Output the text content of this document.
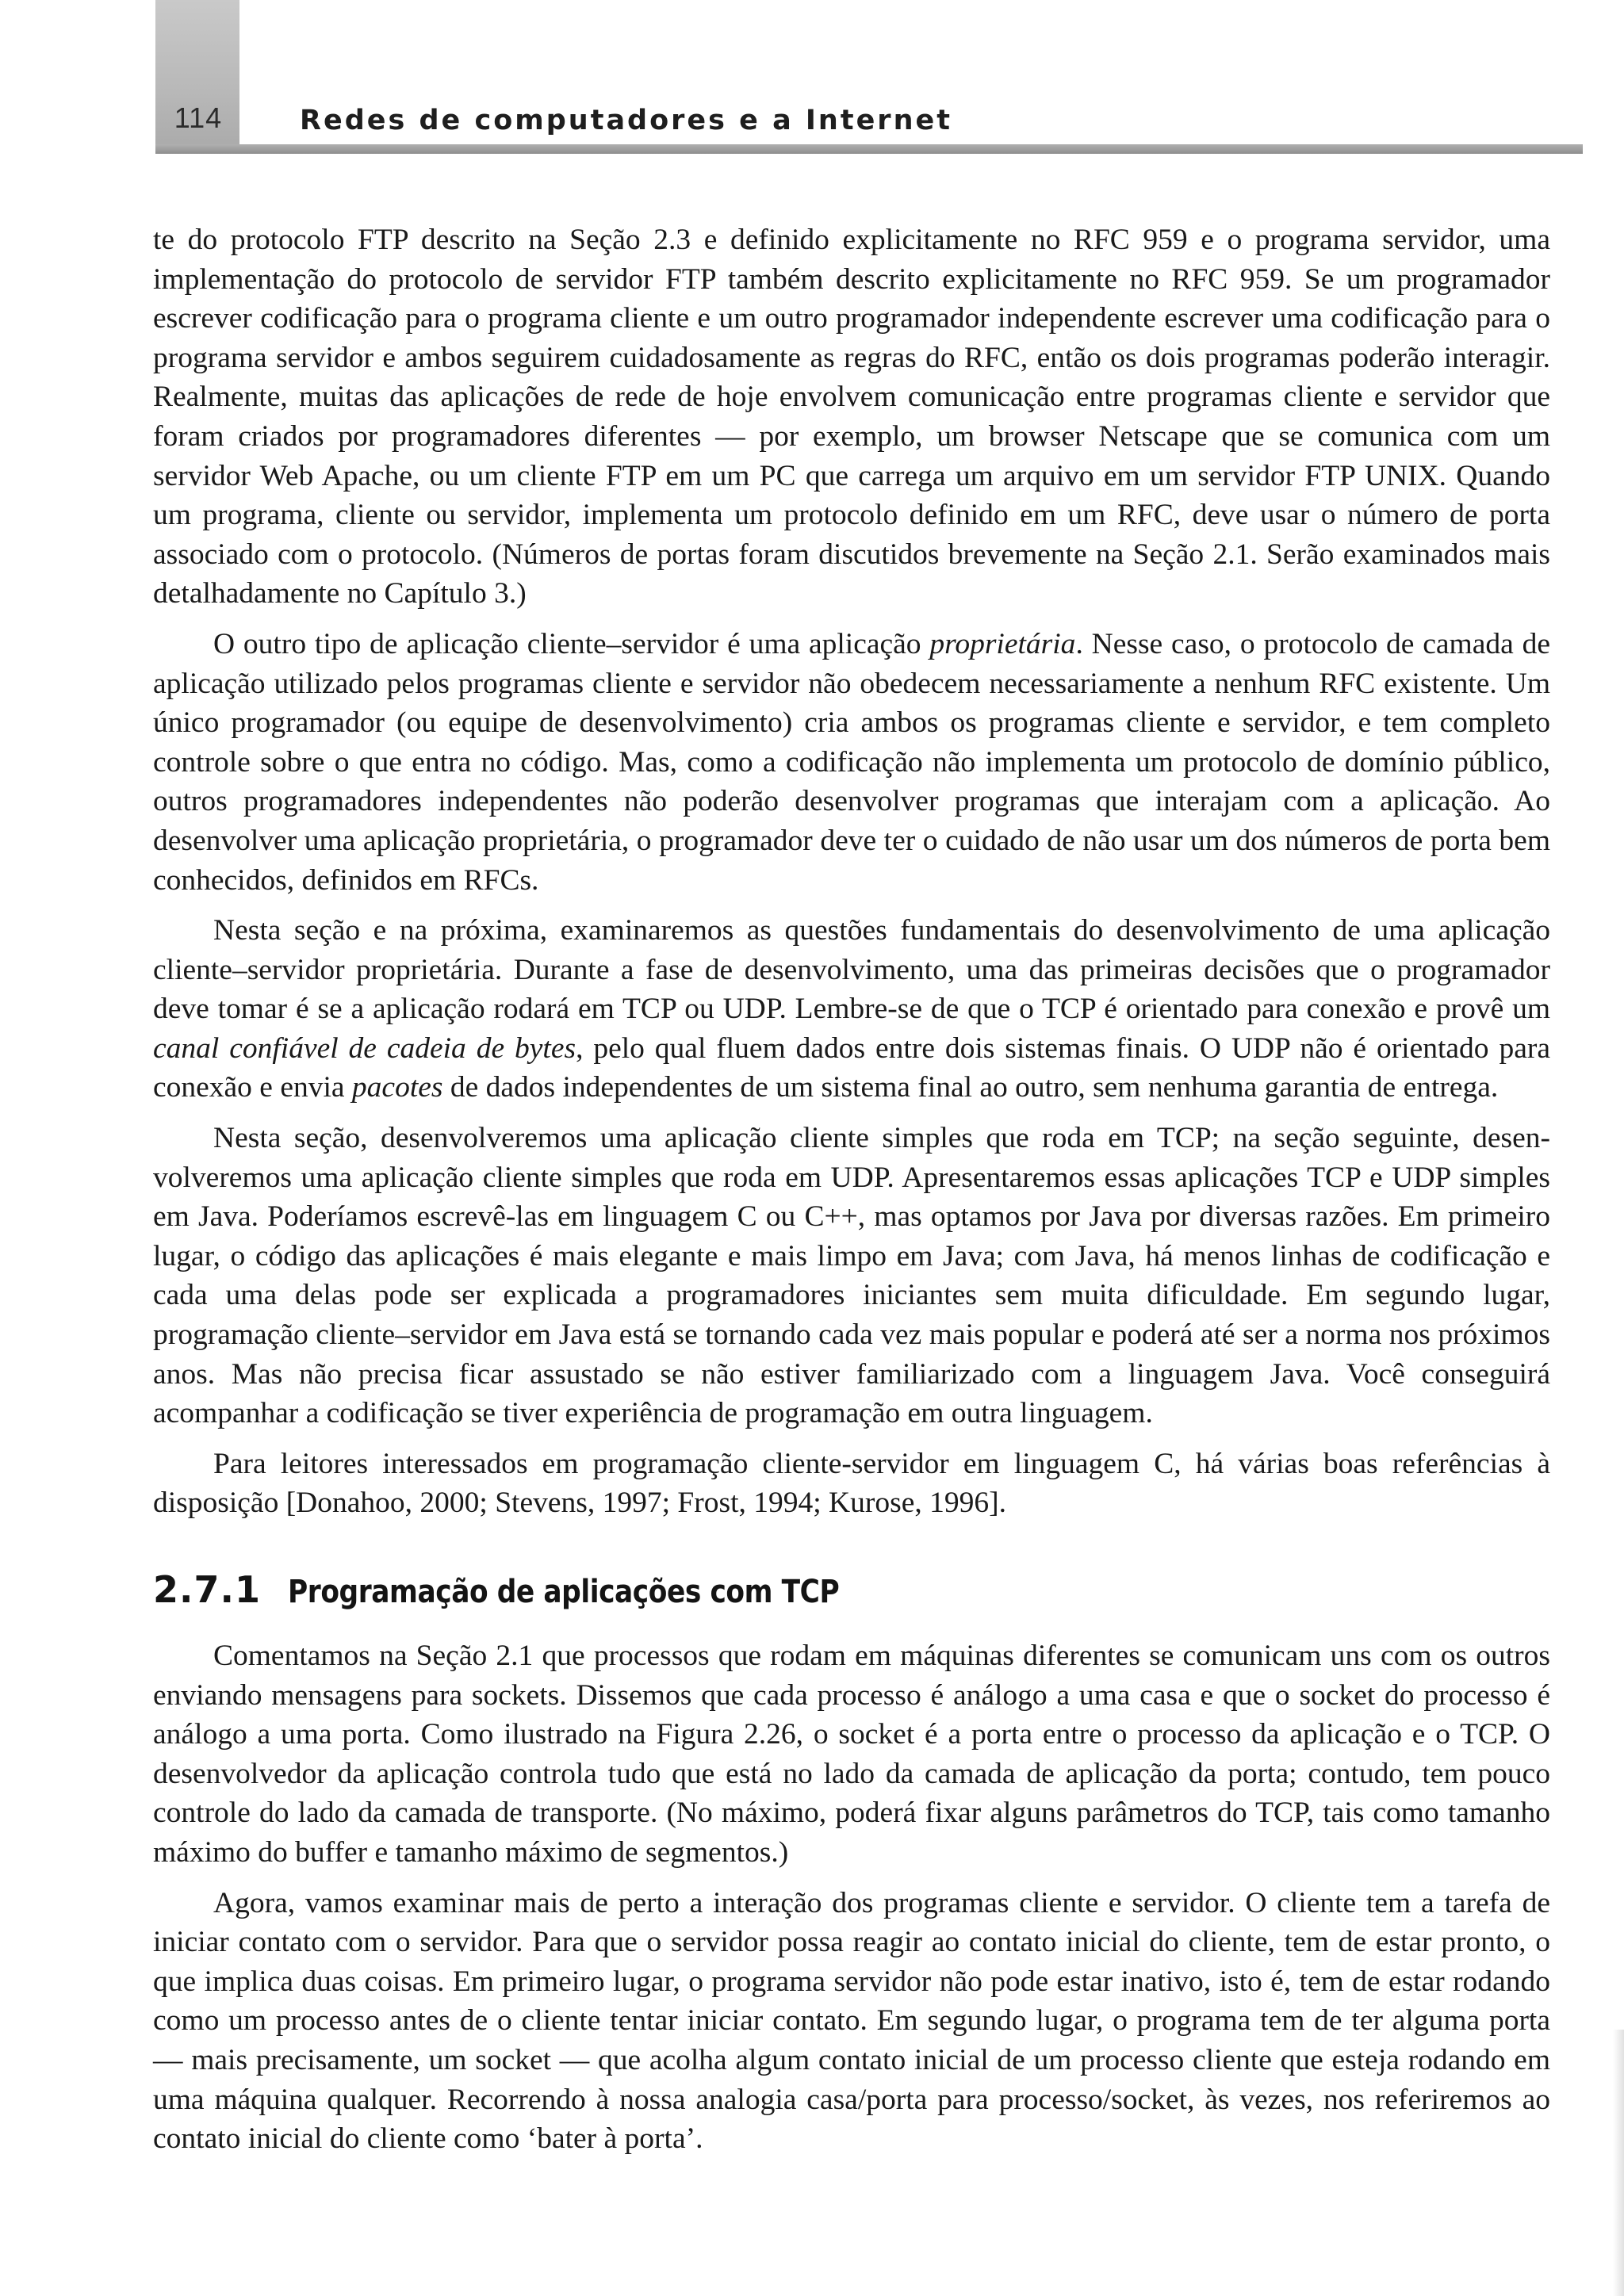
114	Redes de computadores e a Internet

te do protocolo FTP descrito na Seção 2.3 e definido explicitamente no RFC 959 e o programa servidor, uma implementação do protocolo de servidor FTP também descrito explicitamente no RFC 959. Se um programador escrever codificação para o programa cliente e um outro programador independente escrever uma codificação para o programa servidor e ambos seguirem cuidadosamente as regras do RFC, então os dois programas poderão interagir. Realmente, muitas das aplicações de rede de hoje envolvem comunicação entre programas cliente e servidor que foram criados por programadores diferentes — por exemplo, um browser Netscape que se comunica com um servidor Web Apache, ou um cliente FTP em um PC que carrega um arquivo em um servidor FTP UNIX. Quando um programa, cliente ou servidor, implementa um protocolo definido em um RFC, deve usar o número de porta associado com o protocolo. (Números de portas foram discutidos brevemente na Seção 2.1. Serão examinados mais detalhadamente no Capítulo 3.)

O outro tipo de aplicação cliente–servidor é uma aplicação proprietária. Nesse caso, o protocolo de camada de aplicação utilizado pelos programas cliente e servidor não obedecem necessariamente a nenhum RFC existente. Um único programador (ou equipe de desenvolvimento) cria ambos os programas cliente e servidor, e tem completo controle sobre o que entra no código. Mas, como a codificação não implementa um protocolo de domínio público, outros programadores independentes não poderão desenvolver programas que interajam com a aplicação. Ao desenvolver uma aplicação proprietária, o programador deve ter o cuidado de não usar um dos números de porta bem conhecidos, definidos em RFCs.

Nesta seção e na próxima, examinaremos as questões fundamentais do desenvolvimento de uma aplicação cliente–servidor proprietária. Durante a fase de desenvolvimento, uma das primeiras decisões que o programador deve tomar é se a aplicação rodará em TCP ou UDP. Lembre-se de que o TCP é orientado para conexão e provê um canal confiável de cadeia de bytes, pelo qual fluem dados entre dois sistemas finais. O UDP não é orientado para conexão e envia pacotes de dados independentes de um sistema final ao outro, sem nenhuma garantia de entrega.

Nesta seção, desenvolveremos uma aplicação cliente simples que roda em TCP; na seção seguinte, desenvolveremos uma aplicação cliente simples que roda em UDP. Apresentaremos essas aplicações TCP e UDP simples em Java. Poderíamos escrevê-las em linguagem C ou C++, mas optamos por Java por diversas razões. Em primeiro lugar, o código das aplicações é mais elegante e mais limpo em Java; com Java, há menos linhas de codificação e cada uma delas pode ser explicada a programadores iniciantes sem muita dificuldade. Em segundo lugar, programação cliente–servidor em Java está se tornando cada vez mais popular e poderá até ser a norma nos próximos anos. Mas não precisa ficar assustado se não estiver familiarizado com a linguagem Java. Você conseguirá acompanhar a codificação se tiver experiência de programação em outra linguagem.

Para leitores interessados em programação cliente-servidor em linguagem C, há várias boas referências à disposição [Donahoo, 2000; Stevens, 1997; Frost, 1994; Kurose, 1996].

2.7.1 Programação de aplicações com TCP

Comentamos na Seção 2.1 que processos que rodam em máquinas diferentes se comunicam uns com os outros enviando mensagens para sockets. Dissemos que cada processo é análogo a uma casa e que o socket do processo é análogo a uma porta. Como ilustrado na Figura 2.26, o socket é a porta entre o processo da aplicação e o TCP. O desenvolvedor da aplicação controla tudo que está no lado da camada de aplicação da porta; contudo, tem pouco controle do lado da camada de transporte. (No máximo, poderá fixar alguns parâmetros do TCP, tais como tamanho máximo do buffer e tamanho máximo de segmentos.)

Agora, vamos examinar mais de perto a interação dos programas cliente e servidor. O cliente tem a tarefa de iniciar contato com o servidor. Para que o servidor possa reagir ao contato inicial do cliente, tem de estar pronto, o que implica duas coisas. Em primeiro lugar, o programa servidor não pode estar inativo, isto é, tem de estar rodando como um processo antes de o cliente tentar iniciar contato. Em segundo lugar, o programa tem de ter alguma porta — mais precisamente, um socket — que acolha algum contato inicial de um processo cliente que esteja rodando em uma máquina qualquer. Recorrendo à nossa analogia casa/porta para processo/socket, às vezes, nos referiremos ao contato inicial do cliente como ‘bater à porta’.
